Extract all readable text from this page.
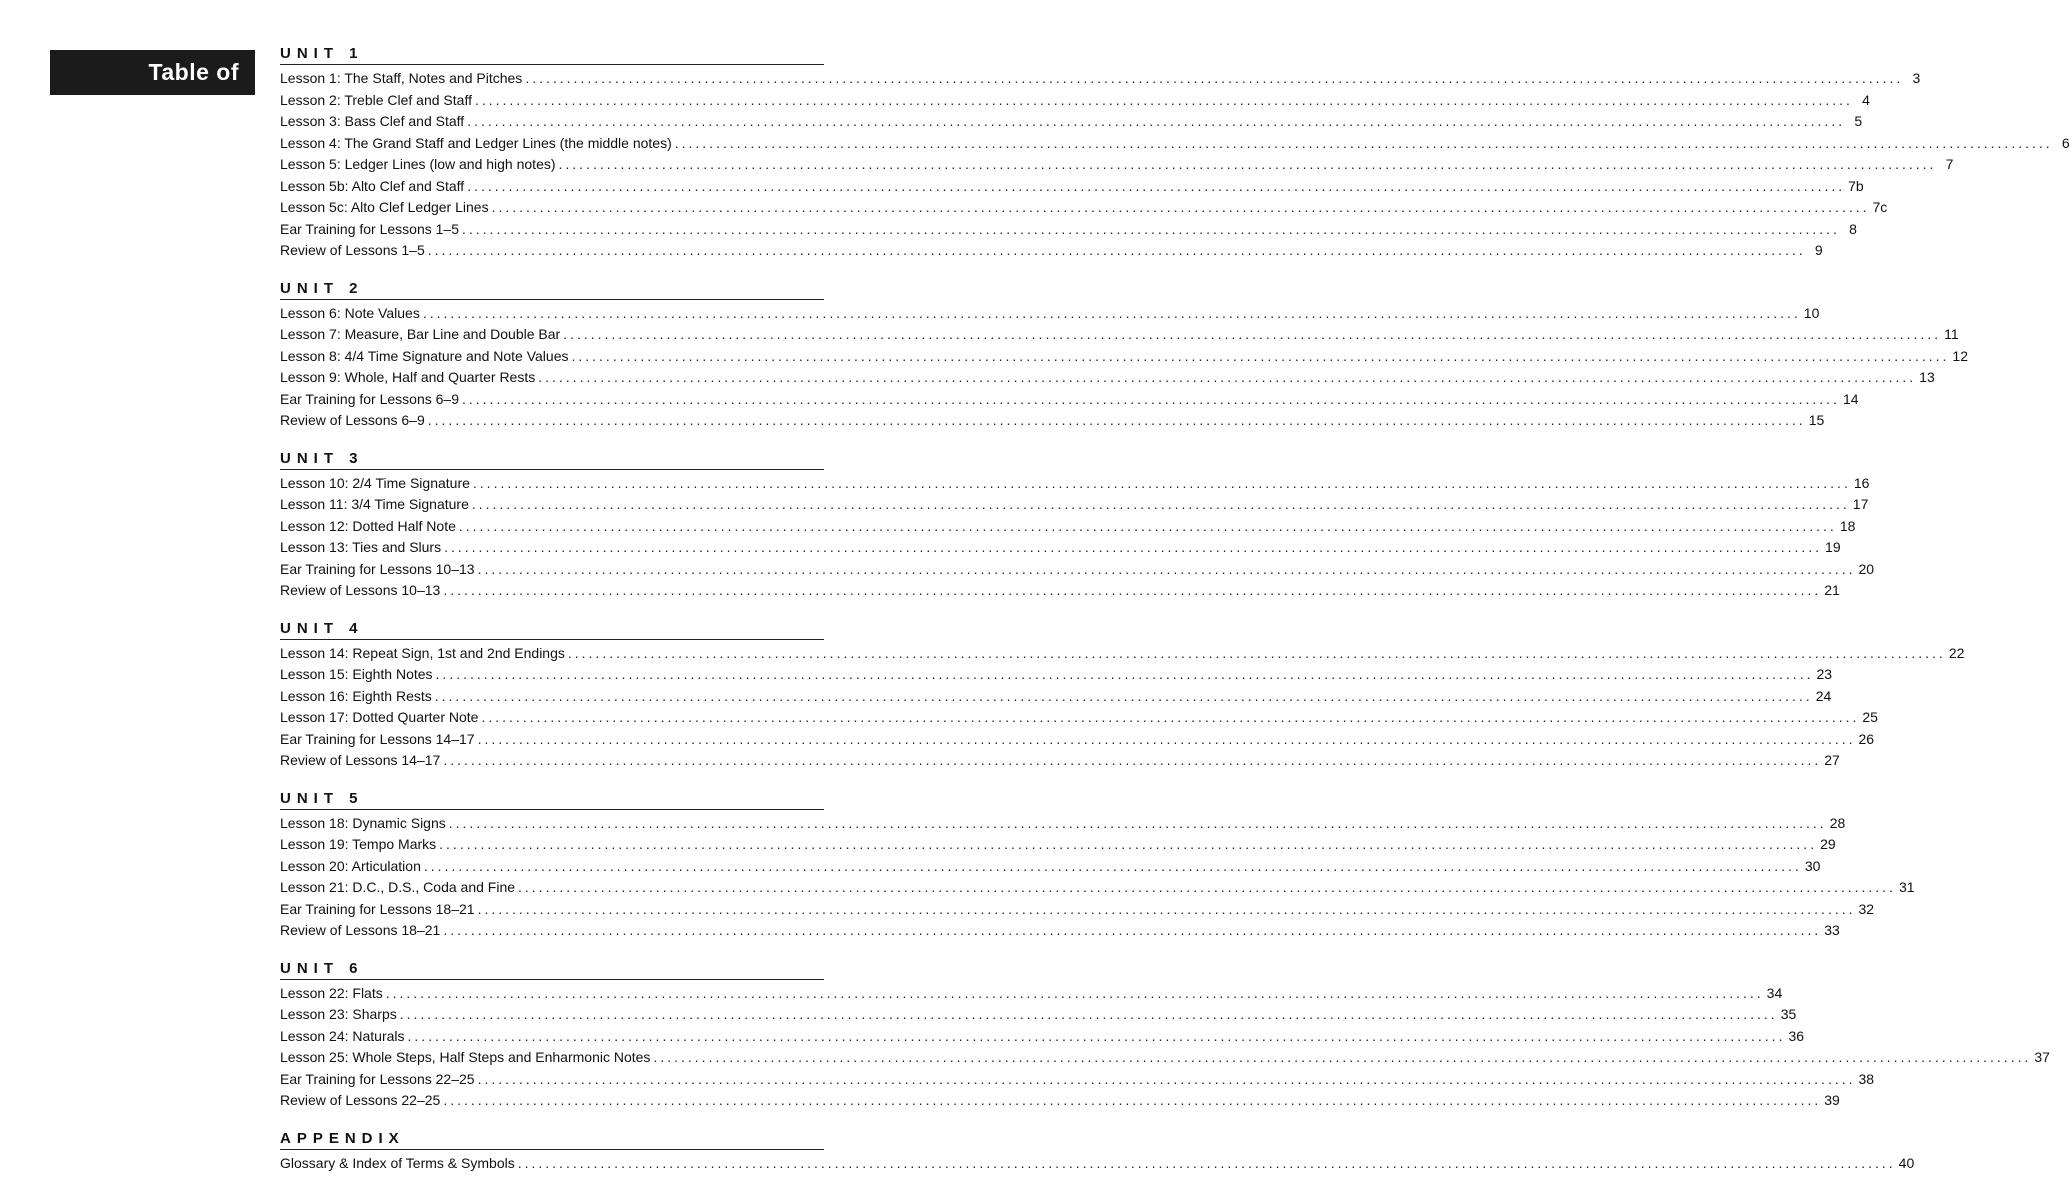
Table of
UNIT 1
Lesson 1: The Staff, Notes and Pitches ........................................................................................................................................................................................................ 3
Lesson 2: Treble Clef and Staff ........................................................................................................................................................................................................ 4
Lesson 3: Bass Clef and Staff ........................................................................................................................................................................................................ 5
Lesson 4: The Grand Staff and Ledger Lines (the middle notes) ........................................................................................................................................................................................................ 6
Lesson 5: Ledger Lines (low and high notes) ........................................................................................................................................................................................................ 7
Lesson 5b: Alto Clef and Staff ........................................................................................................................................................................................................ 7b
Lesson 5c: Alto Clef Ledger Lines ........................................................................................................................................................................................................ 7c
Ear Training for Lessons 1–5 ........................................................................................................................................................................................................ 8
Review of Lessons 1–5 ........................................................................................................................................................................................................ 9
UNIT 2
Lesson 6: Note Values ........................................................................................................................................................................................................ 10
Lesson 7: Measure, Bar Line and Double Bar ........................................................................................................................................................................................................ 11
Lesson 8: 4/4 Time Signature and Note Values ........................................................................................................................................................................................................ 12
Lesson 9: Whole, Half and Quarter Rests ........................................................................................................................................................................................................ 13
Ear Training for Lessons 6–9 ........................................................................................................................................................................................................ 14
Review of Lessons 6–9 ........................................................................................................................................................................................................ 15
UNIT 3
Lesson 10: 2/4 Time Signature ........................................................................................................................................................................................................ 16
Lesson 11: 3/4 Time Signature ........................................................................................................................................................................................................ 17
Lesson 12: Dotted Half Note ........................................................................................................................................................................................................ 18
Lesson 13: Ties and Slurs ........................................................................................................................................................................................................ 19
Ear Training for Lessons 10–13 ........................................................................................................................................................................................................ 20
Review of Lessons 10–13 ........................................................................................................................................................................................................ 21
UNIT 4
Lesson 14: Repeat Sign, 1st and 2nd Endings ........................................................................................................................................................................................................ 22
Lesson 15: Eighth Notes ........................................................................................................................................................................................................ 23
Lesson 16: Eighth Rests ........................................................................................................................................................................................................ 24
Lesson 17: Dotted Quarter Note ........................................................................................................................................................................................................ 25
Ear Training for Lessons 14–17 ........................................................................................................................................................................................................ 26
Review of Lessons 14–17 ........................................................................................................................................................................................................ 27
UNIT 5
Lesson 18: Dynamic Signs ........................................................................................................................................................................................................ 28
Lesson 19: Tempo Marks ........................................................................................................................................................................................................ 29
Lesson 20: Articulation ........................................................................................................................................................................................................ 30
Lesson 21: D.C., D.S., Coda and Fine ........................................................................................................................................................................................................ 31
Ear Training for Lessons 18–21 ........................................................................................................................................................................................................ 32
Review of Lessons 18–21 ........................................................................................................................................................................................................ 33
UNIT 6
Lesson 22: Flats ........................................................................................................................................................................................................ 34
Lesson 23: Sharps ........................................................................................................................................................................................................ 35
Lesson 24: Naturals ........................................................................................................................................................................................................ 36
Lesson 25: Whole Steps, Half Steps and Enharmonic Notes ........................................................................................................................................................................................................ 37
Ear Training for Lessons 22–25 ........................................................................................................................................................................................................ 38
Review of Lessons 22–25 ........................................................................................................................................................................................................ 39
APPENDIX
Glossary & Index of Terms & Symbols ........................................................................................................................................................................................................ 40
